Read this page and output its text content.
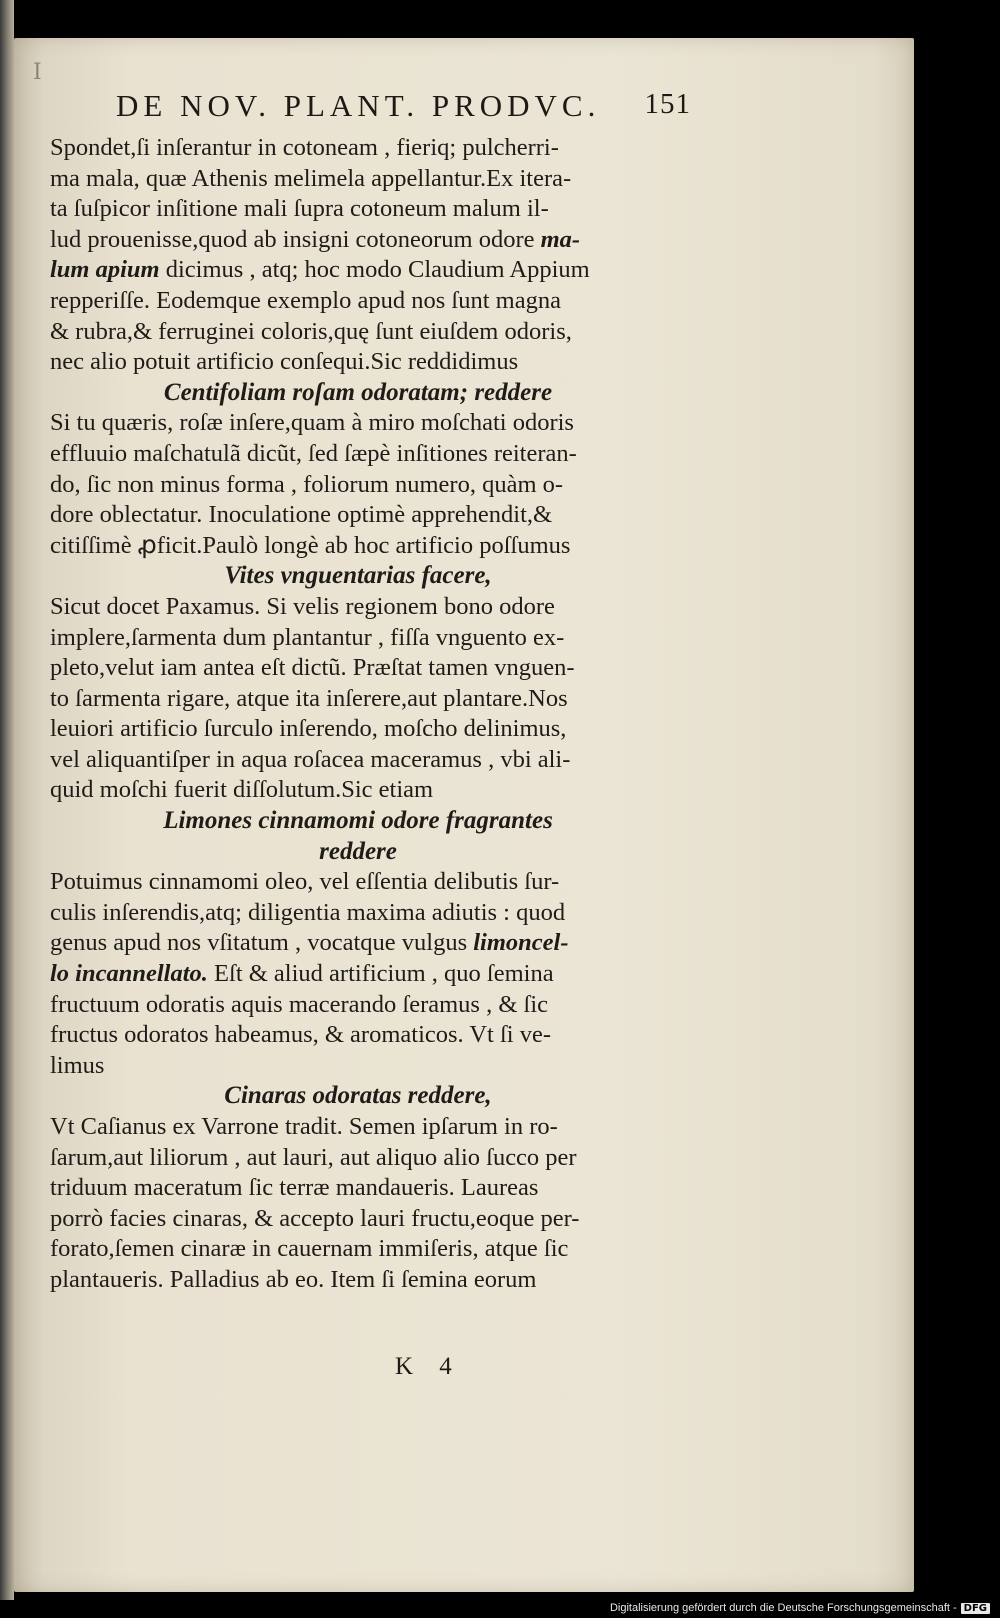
I
DE NOV. PLANT. PRODVC. 151
Spondet,ſi inſerantur in cotoneam , fieriq; pulcherri-
ma mala, quæ Athenis melimela appellantur.Ex itera-
ta ſuſpicor inſitione mali ſupra cotoneum malum il-
lud prouenisse,quod ab insigni cotoneorum odore ma-
lum apium dicimus , atq; hoc modo Claudium Appium
repperiſſe. Eodemque exemplo apud nos ſunt magna
& rubra,& ferruginei coloris,quę ſunt eiuſdem odoris,
nec alio potuit artificio conſequi.Sic reddidimus
Centifoliam roſam odoratam; reddere
Si tu quæris, roſæ inſere,quam à miro moſchati odoris
effluuio maſchatulã dicũt, ſed ſæpè inſitiones reiteran-
do, ſic non minus forma , foliorum numero, quàm o-
dore oblectatur. Inoculatione optimè apprehendit,&
citiſſimè ꝓficit.Paulò longè ab hoc artificio poſſumus
Vites vnguentarias facere,
Sicut docet Paxamus. Si velis regionem bono odore
implere,ſarmenta dum plantantur , fiſſa vnguento ex-
pleto,velut iam antea eſt dictũ. Præſtat tamen vnguen-
to ſarmenta rigare, atque ita inſerere,aut plantare.Nos
leuiori artificio ſurculo inſerendo, moſcho delinimus,
vel aliquantiſper in aqua roſacea maceramus , vbi ali-
quid moſchi fuerit diſſolutum.Sic etiam
Limones cinnamomi odore fragrantes
reddere
Potuimus cinnamomi oleo, vel eſſentia delibutis ſur-
culis inſerendis,atq; diligentia maxima adiutis : quod
genus apud nos vſitatum , vocatque vulgus limoncel-
lo incannellato. Eſt & aliud artificium , quo ſemina
fructuum odoratis aquis macerando ſeramus , & ſic
fructus odoratos habeamus, & aromaticos. Vt ſi ve-
limus
Cinaras odoratas reddere,
Vt Caſianus ex Varrone tradit. Semen ipſarum in ro-
ſarum,aut liliorum , aut lauri, aut aliquo alio ſucco per
triduum maceratum ſic terræ mandaueris. Laureas
porrò facies cinaras, & accepto lauri fructu,eoque per-
forato,ſemen cinaræ in cauernam immiſeris, atque ſic
plantaueris. Palladius ab eo. Item ſi ſemina eorum
K 4
Digitalisierung gefördert durch die Deutsche Forschungsgemeinschaft - DFG
